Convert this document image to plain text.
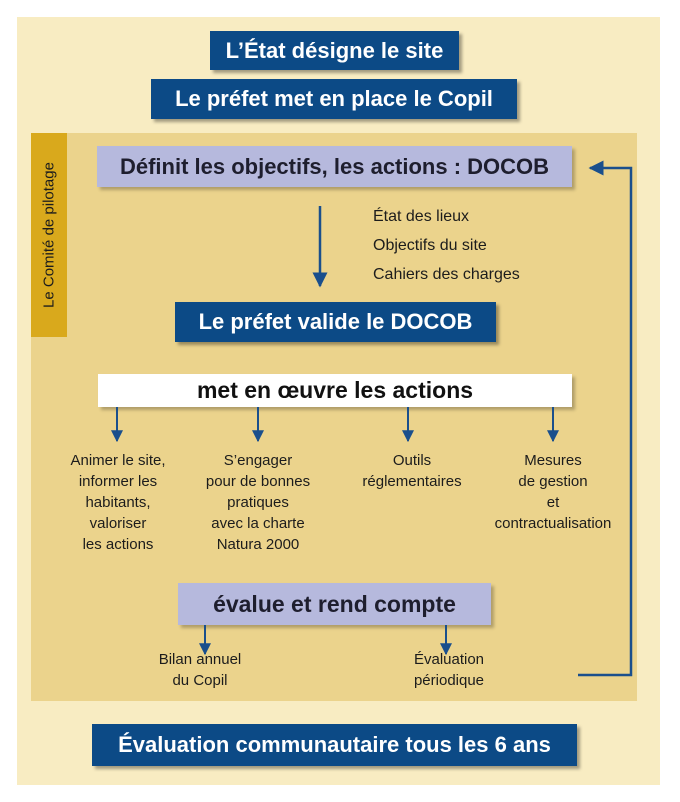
Le Comité de pilotage
L’État désigne le site
Le préfet met en place le Copil
Définit les objectifs, les actions : DOCOB
État des lieux
Objectifs du site
Cahiers des charges
Le préfet valide le DOCOB
met en œuvre les actions
Animer le site,
informer les
habitants,
valoriser
les actions
S’engager
pour de bonnes
pratiques
avec la charte
Natura 2000
Outils
réglementaires
Mesures
de gestion
et
contractualisation
évalue et rend compte
Bilan annuel
du Copil
Évaluation
périodique
Évaluation communautaire tous les 6 ans
